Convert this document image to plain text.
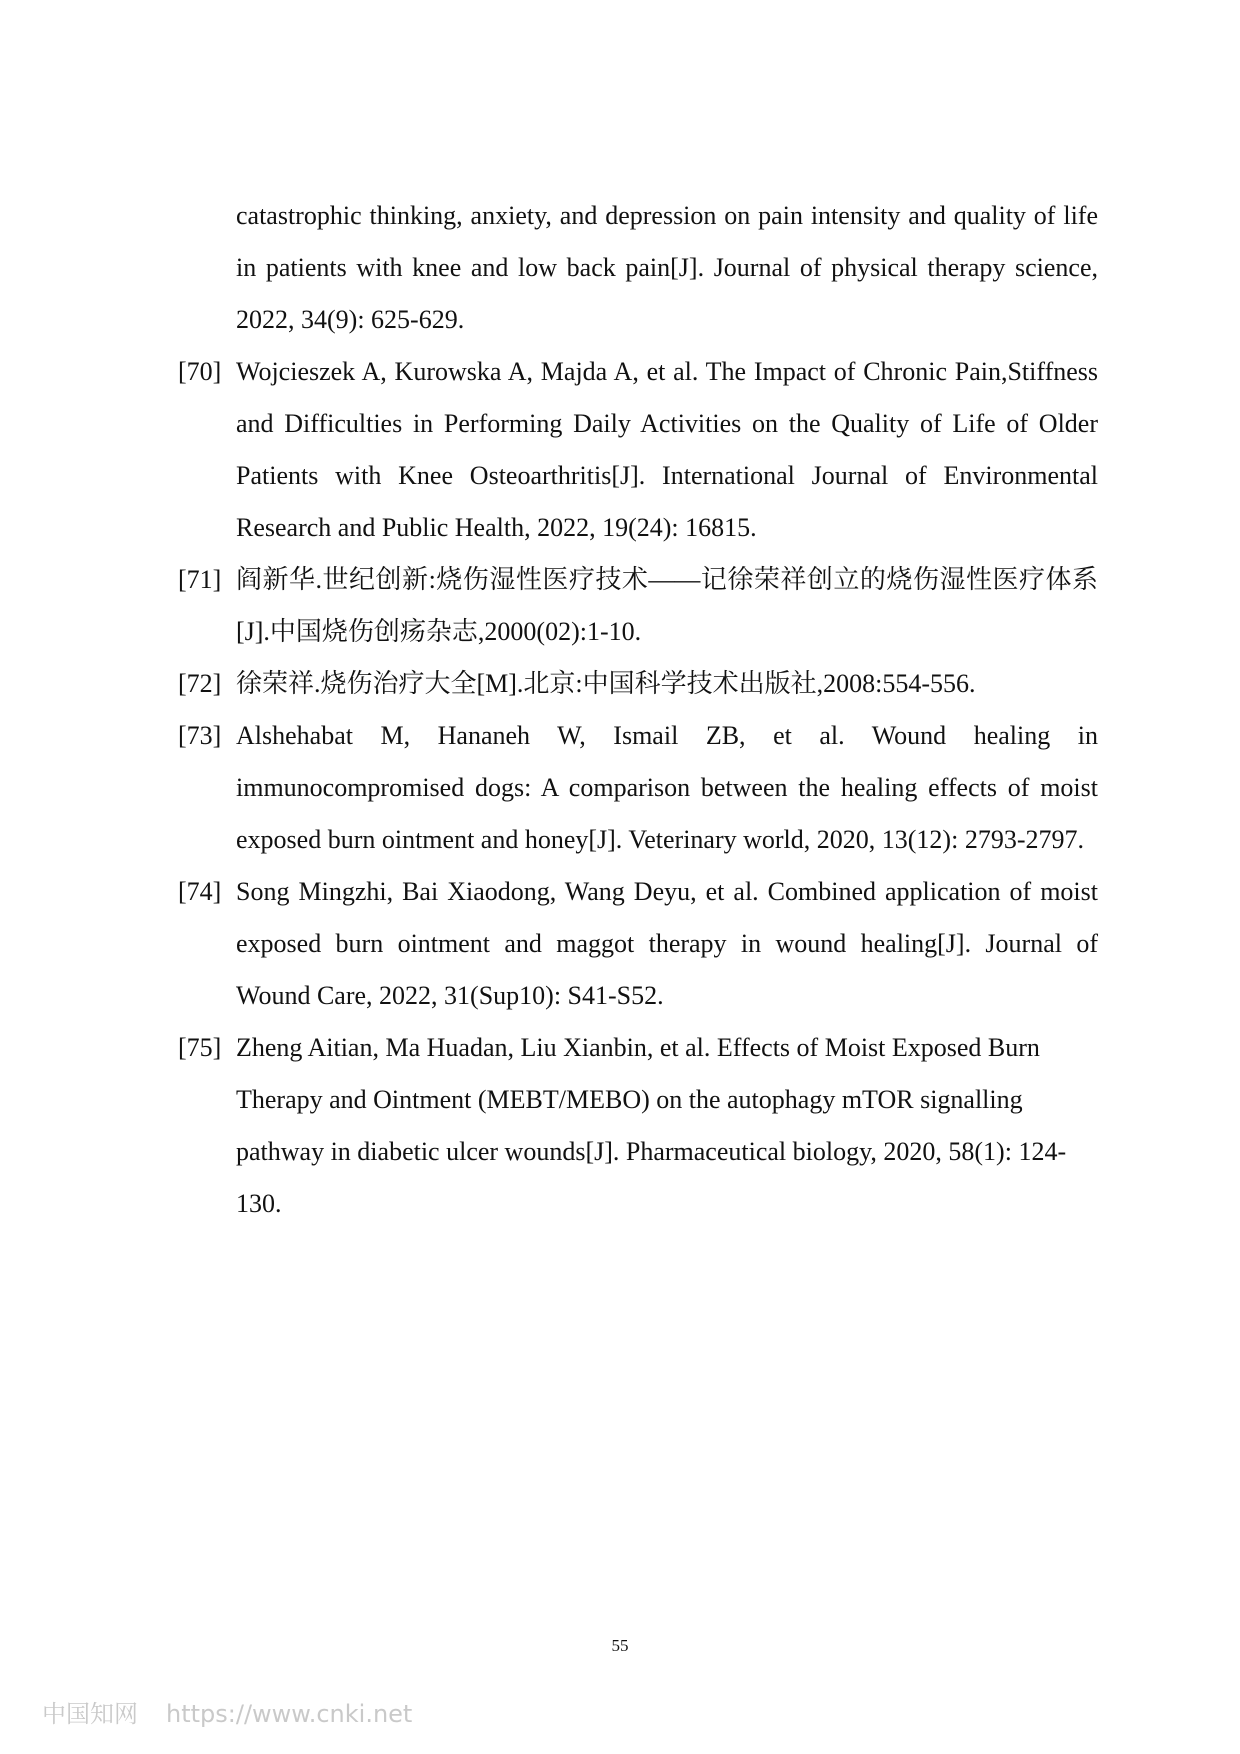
catastrophic thinking, anxiety, and depression on pain intensity and quality of life in patients with knee and low back pain[J]. Journal of physical therapy science, 2022, 34(9): 625-629.
[70] Wojcieszek A, Kurowska A, Majda A, et al. The Impact of Chronic Pain,Stiffness and Difficulties in Performing Daily Activities on the Quality of Life of Older Patients with Knee Osteoarthritis[J]. International Journal of Environmental Research and Public Health, 2022, 19(24): 16815.
[71] 阎新华.世纪创新:烧伤湿性医疗技术——记徐荣祥创立的烧伤湿性医疗体系[J].中国烧伤创疡杂志,2000(02):1-10.
[72] 徐荣祥.烧伤治疗大全[M].北京:中国科学技术出版社,2008:554-556.
[73] Alshehabat M, Hananeh W, Ismail ZB, et al. Wound healing in immunocompromised dogs: A comparison between the healing effects of moist exposed burn ointment and honey[J]. Veterinary world, 2020, 13(12): 2793-2797.
[74] Song Mingzhi, Bai Xiaodong, Wang Deyu, et al. Combined application of moist exposed burn ointment and maggot therapy in wound healing[J]. Journal of Wound Care, 2022, 31(Sup10): S41-S52.
[75] Zheng Aitian, Ma Huadan, Liu Xianbin, et al. Effects of Moist Exposed Burn Therapy and Ointment (MEBT/MEBO) on the autophagy mTOR signalling pathway in diabetic ulcer wounds[J]. Pharmaceutical biology, 2020, 58(1): 124-130.
55
中国知网 https://www.cnki.net
